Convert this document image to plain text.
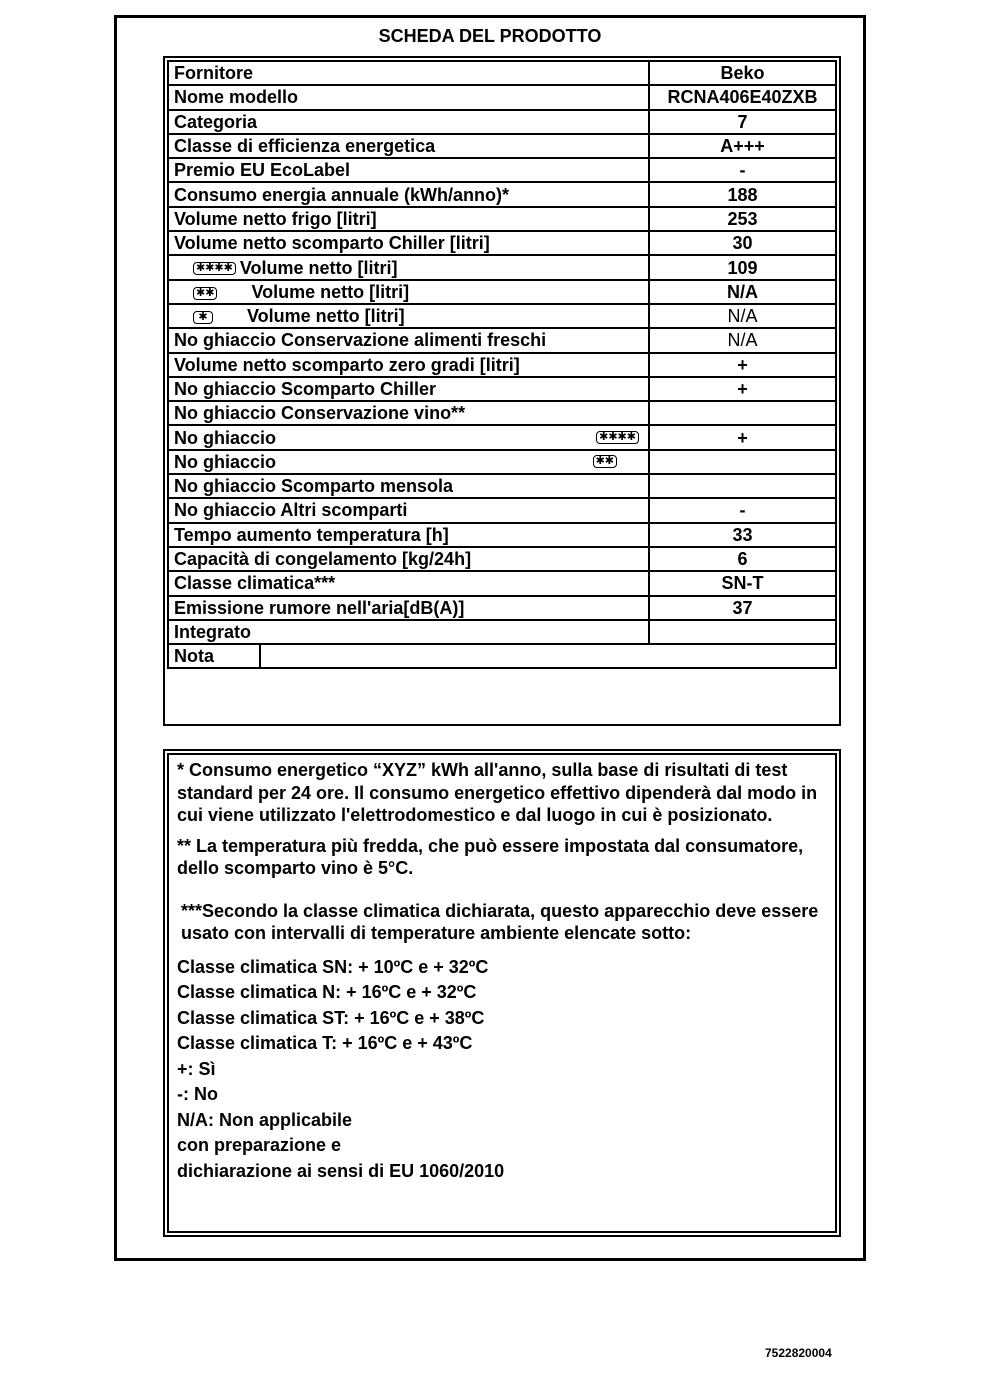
SCHEDA DEL PRODOTTO
Fornitore	Beko
Nome modello	RCNA406E40ZXB
Categoria	7
Classe di efficienza energetica	A+++
Premio EU EcoLabel	-
Consumo energia annuale (kWh/anno)*	188
Volume netto frigo [litri]	253
Volume netto scomparto Chiller [litri]	30
✱✱✱✱ Volume netto [litri]	109
✱✱ Volume netto [litri]	N/A
✱ Volume netto [litri]	N/A
No ghiaccio Conservazione alimenti freschi	N/A
Volume netto scomparto zero gradi [litri]	+
No ghiaccio Scomparto Chiller	+
No ghiaccio Conservazione vino**	
No ghiaccio ✱✱✱✱	+
No ghiaccio ✱✱	

No ghiaccio Scomparto mensola	
No ghiaccio Altri scomparti	-
Tempo aumento temperatura [h]	33
Capacità di congelamento [kg/24h]	6
Classe climatica***	SN-T
Emissione rumore nell'aria[dB(A)]	37
Integrato	
Nota	

* Consumo energetico “XYZ” kWh all'anno, sulla base di risultati di test standard per 24 ore. Il consumo energetico effettivo dipenderà dal modo in cui viene utilizzato l'elettrodomestico e dal luogo in cui è posizionato.

** La temperatura più fredda, che può essere impostata dal consumatore, dello scomparto vino è 5°C.

***Secondo la classe climatica dichiarata, questo apparecchio deve essere usato con intervalli di temperature ambiente elencate sotto:

Classe climatica SN: + 10ºC e + 32ºC

Classe climatica N: + 16ºC e + 32ºC

Classe climatica ST: + 16ºC e + 38ºC

Classe climatica T: + 16ºC e + 43ºC

+: Sì

-: No

N/A: Non applicabile

con preparazione e

dichiarazione ai sensi di EU 1060/2010

7522820004
